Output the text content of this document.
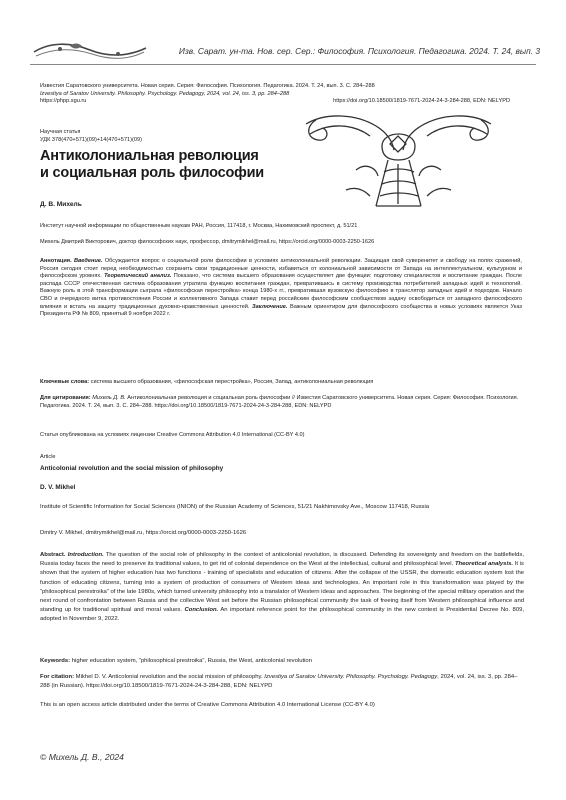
Изв. Сарат. ун-та. Нов. сер. Сер.: Философия. Психология. Педагогика. 2024. Т. 24, вып. 3
Известия Саратовского университета. Новая серия. Серия: Философия. Психология. Педагогика. 2024. Т. 24, вып. 3. С. 284–288
Izvestiya of Saratov University. Philosophy. Psychology. Pedagogy, 2024, vol. 24, iss. 3, pp. 284–288
https://phpp.sgu.ru	https://doi.org/10.18500/1819-7671-2024-24-3-284-288, EDN: NELYPD
Научная статья
УДК 378(470+571)(09)+14(470+571)(09)
Антиколониальная революция
и социальная роль философии
Д. В. Михель
Институт научной информации по общественным наукам РАН, Россия, 117418, г. Москва, Нахимовский проспект, д. 51/21
Михель Дмитрий Викторович, доктор философских наук, профессор, dmitrymikhel@mail.ru, https://orcid.org/0000-0003-2250-1626
Аннотация. Введение. Обсуждается вопрос о социальной роли философии в условиях антиколониальной революции. Защищая свой суверенитет и свободу на полях сражений, Россия сегодня стоит перед необходимостью сохранить свои традиционные ценности, избавиться от колониальной зависимости от Запада на интеллектуальном, культурном и философском уровнях. Теоретический анализ. Показано, что система высшего образования осуществляет две функции: подготовку специалистов и воспитание граждан. После распада СССР отечественная система образования утратила функцию воспитания граждан, превратившись в систему производства потребителей западных идей и технологий. Важную роль в этой трансформации сыграла «философская перестройка» конца 1980-х гг., превратившая вузовскую философию в транслятор западных идей и подходов. Начало СВО и очередного витка противостояния России и коллективного Запада ставит перед российским философским сообществом задачу освободиться от западного философского влияния и встать на защиту традиционных духовно-нравственных ценностей. Заключение. Важным ориентиром для философского сообщества в новых условиях является Указ Президента РФ № 809, принятый 9 ноября 2022 г.
Ключевые слова: система высшего образования, «философская перестройка», Россия, Запад, антиколониальная революция
Для цитирования: Михель Д. В. Антиколониальная революция и социальная роль философии // Известия Саратовского университета. Новая серия. Серия: Философия. Психология. Педагогика. 2024. Т. 24, вып. 3. С. 284–288. https://doi.org/10.18500/1819-7671-2024-24-3-284-288, EDN: NELYPD
Статья опубликована на условиях лицензии Creative Commons Attribution 4.0 International (CC-BY 4.0)
Article
Anticolonial revolution and the social mission of philosophy
D. V. Mikhel
Institute of Scientific Information for Social Sciences (INION) of the Russian Academy of Sciences, 51/21 Nakhimovsky Ave., Moscow 117418, Russia
Dmitry V. Mikhel, dmitrymikhel@mail.ru, https://orcid.org/0000-0003-2250-1626
Abstract. Introduction. The question of the social role of philosophy in the context of anticolonial revolution, is discussed. Defending its sovereignty and freedom on the battlefields, Russia today faces the need to preserve its traditional values, to get rid of colonial dependence on the West at the intellectual, cultural and philosophical level. Theoretical analysis. It is shown that the system of higher education has two functions - training of specialists and education of citizens. After the collapse of the USSR, the domestic education system lost the function of educating citizens, turning into a system of production of consumers of Western ideas and technologies. An important role in this transformation was played by the “philosophical perestroika” of the late 1980s, which turned university philosophy into a translator of Western ideas and approaches. The beginning of the special military operation and the next round of confrontation between Russia and the collective West set before the Russian philosophical community the task of freeing itself from Western philosophical influence and standing up for traditional spiritual and moral values. Conclusion. An important reference point for the philosophical community in the new context is Presidential Decree No. 809, adopted in November 9, 2022.
Keywords: higher education system, “philosophical prestroika”, Russia, the West, anticolonial revolution
For citation: Mikhel D. V. Anticolonial revolution and the social mission of philosophy. Izvestiya of Saratov University. Philosophy. Psychology. Pedagogy, 2024, vol. 24, iss. 3, pp. 284–288 (in Russian). https://doi.org/10.18500/1819-7671-2024-24-3-284-288, EDN: NELYPD
This is an open access article distributed under the terms of Creative Commons Attribution 4.0 International License (CC-BY 4.0)
© Михель Д. В., 2024
